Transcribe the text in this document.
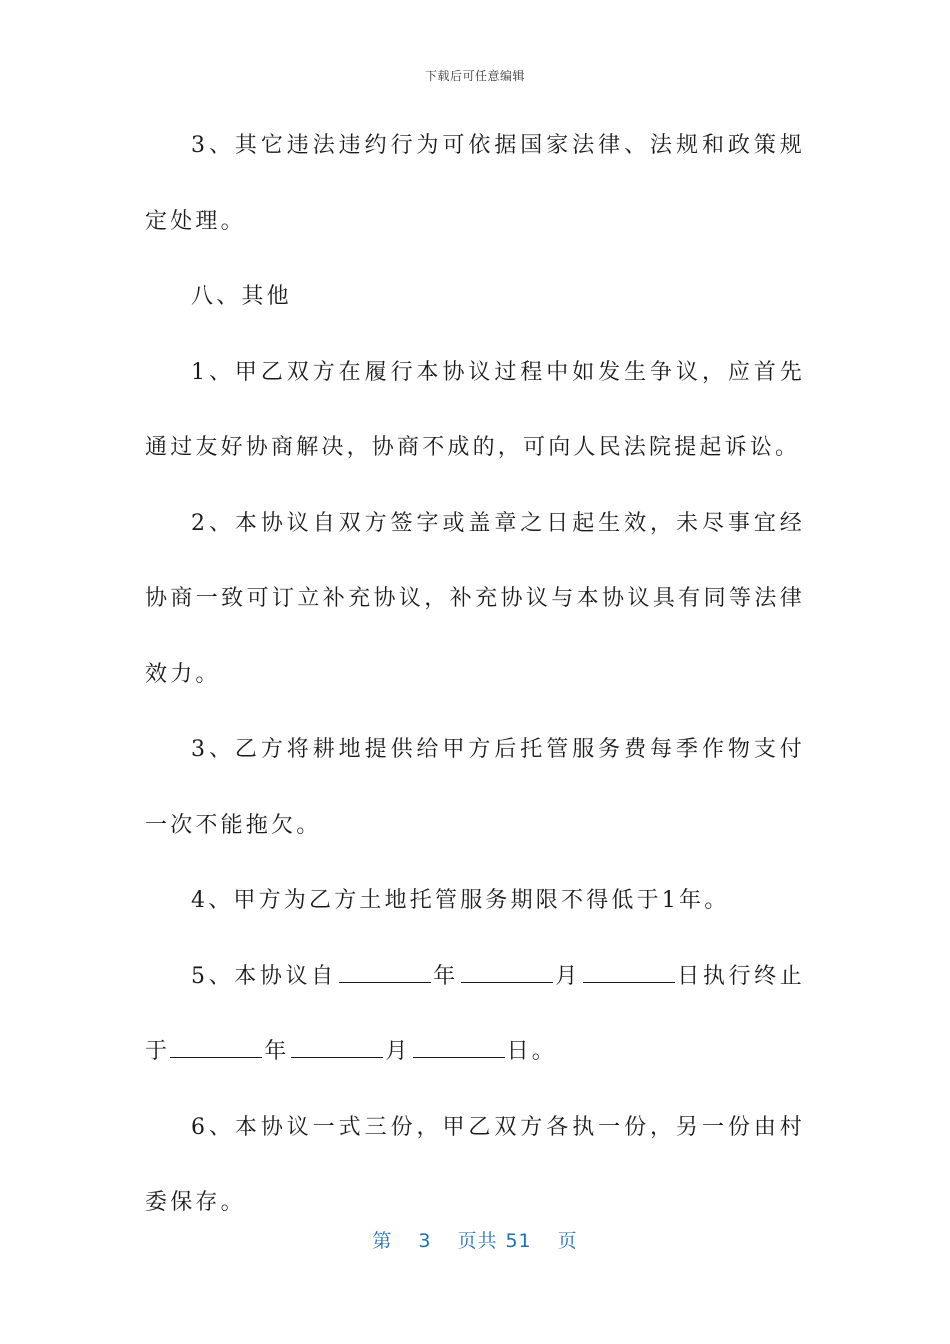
下载后可任意编辑

3、其它违法违约行为可依据国家法律、法规和政策规定处理。

八、其他

1、甲乙双方在履行本协议过程中如发生争议，应首先通过友好协商解决，协商不成的，可向人民法院提起诉讼。

2、本协议自双方签字或盖章之日起生效，未尽事宜经协商一致可订立补充协议，补充协议与本协议具有同等法律效力。

3、乙方将耕地提供给甲方后托管服务费每季作物支付一次不能拖欠。

4、甲方为乙方土地托管服务期限不得低于1年。

5、本协议自	年	月	日执行终止于	年	月	日。

6、本协议一式三份，甲乙双方各执一份，另一份由村委保存。

第 3 页共 51 页
